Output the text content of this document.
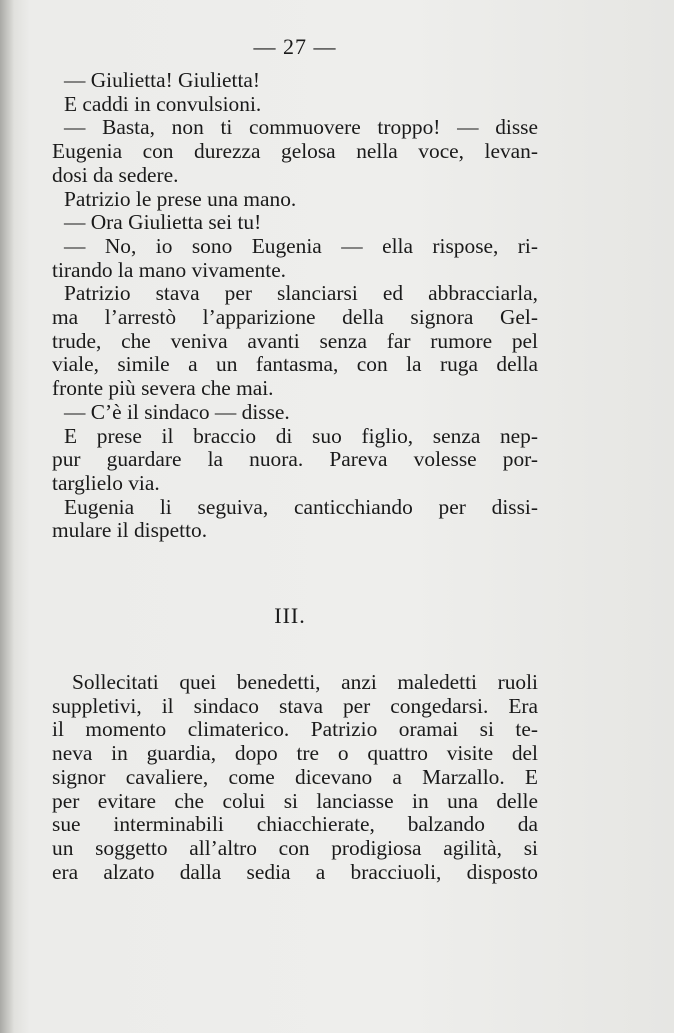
— 27 —
— Giulietta! Giulietta!
E caddi in convulsioni.
— Basta, non ti commuovere troppo! — disse
Eugenia con durezza gelosa nella voce, levan-
dosi da sedere.
Patrizio le prese una mano.
— Ora Giulietta sei tu!
— No, io sono Eugenia — ella rispose, ri-
tirando la mano vivamente.
Patrizio stava per slanciarsi ed abbracciarla,
ma l’arrestò l’apparizione della signora Gel-
trude, che veniva avanti senza far rumore pel
viale, simile a un fantasma, con la ruga della
fronte più severa che mai.
— C’è il sindaco — disse.
E prese il braccio di suo figlio, senza nep-
pur guardare la nuora. Pareva volesse por-
targlielo via.
Eugenia li seguiva, canticchiando per dissi-
mulare il dispetto.
III.
Sollecitati quei benedetti, anzi maledetti ruoli
suppletivi, il sindaco stava per congedarsi. Era
il momento climaterico. Patrizio oramai si te-
neva in guardia, dopo tre o quattro visite del
signor cavaliere, come dicevano a Marzallo. E
per evitare che colui si lanciasse in una delle
sue interminabili chiacchierate, balzando da
un soggetto all’altro con prodigiosa agilità, si
era alzato dalla sedia a bracciuoli, disposto
